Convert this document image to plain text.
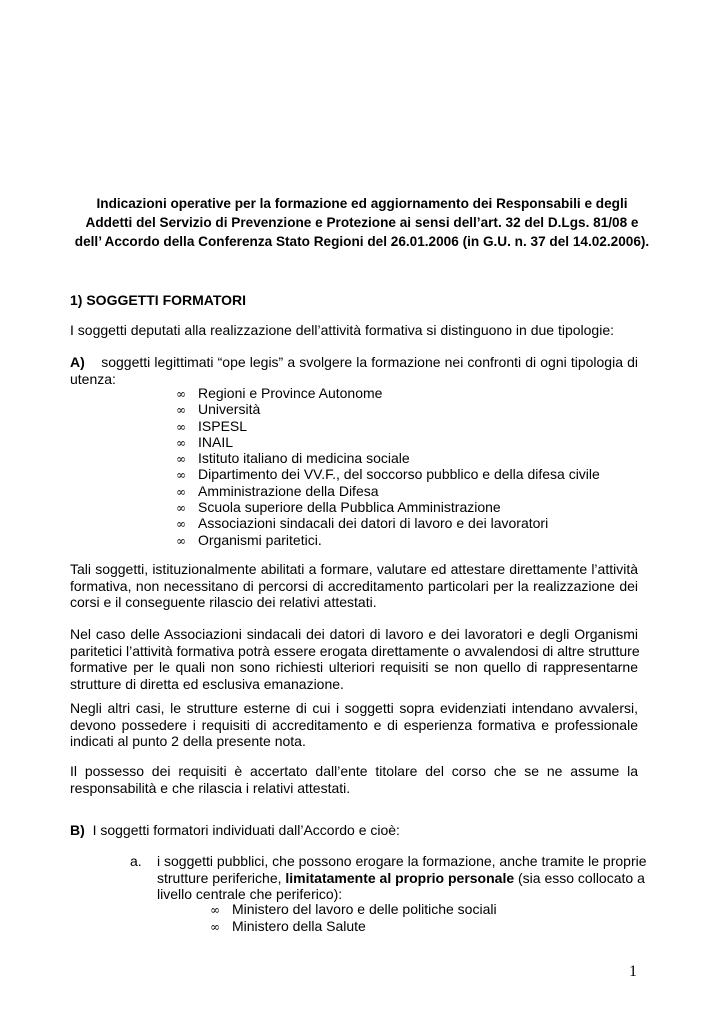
Indicazioni operative per la formazione ed aggiornamento dei Responsabili e degli
Addetti del Servizio di Prevenzione e Protezione ai sensi dell’art. 32 del D.Lgs. 81/08 e
dell’ Accordo della Conferenza Stato Regioni del 26.01.2006 (in G.U. n. 37 del 14.02.2006).
1) SOGGETTI FORMATORI
I soggetti deputati alla realizzazione dell’attività formativa si distinguono in due tipologie:
A) soggetti legittimati “ope legis” a svolgere la formazione nei confronti di ogni tipologia di
utenza:
∞ Regioni e Province Autonome
∞ Università
∞ ISPESL
∞ INAIL
∞ Istituto italiano di medicina sociale
∞ Dipartimento dei VV.F., del soccorso pubblico e della difesa civile
∞ Amministrazione della Difesa
∞ Scuola superiore della Pubblica Amministrazione
∞ Associazioni sindacali dei datori di lavoro e dei lavoratori
∞ Organismi paritetici.
Tali soggetti, istituzionalmente abilitati a formare, valutare ed attestare direttamente l’attività
formativa, non necessitano di percorsi di accreditamento particolari per la realizzazione dei
corsi e il conseguente rilascio dei relativi attestati.
Nel caso delle Associazioni sindacali dei datori di lavoro e dei lavoratori e degli Organismi
paritetici l’attività formativa potrà essere erogata direttamente o avvalendosi di altre strutture
formative per le quali non sono richiesti ulteriori requisiti se non quello di rappresentarne
strutture di diretta ed esclusiva emanazione.
Negli altri casi, le strutture esterne di cui i soggetti sopra evidenziati intendano avvalersi,
devono possedere i requisiti di accreditamento e di esperienza formativa e professionale
indicati al punto 2 della presente nota.
Il possesso dei requisiti è accertato dall’ente titolare del corso che se ne assume la
responsabilità e che rilascia i relativi attestati.
B) I soggetti formatori individuati dall’Accordo e cioè:
a. i soggetti pubblici, che possono erogare la formazione, anche tramite le proprie
strutture periferiche, limitatamente al proprio personale (sia esso collocato a
livello centrale che periferico):
∞ Ministero del lavoro e delle politiche sociali
∞ Ministero della Salute
1
